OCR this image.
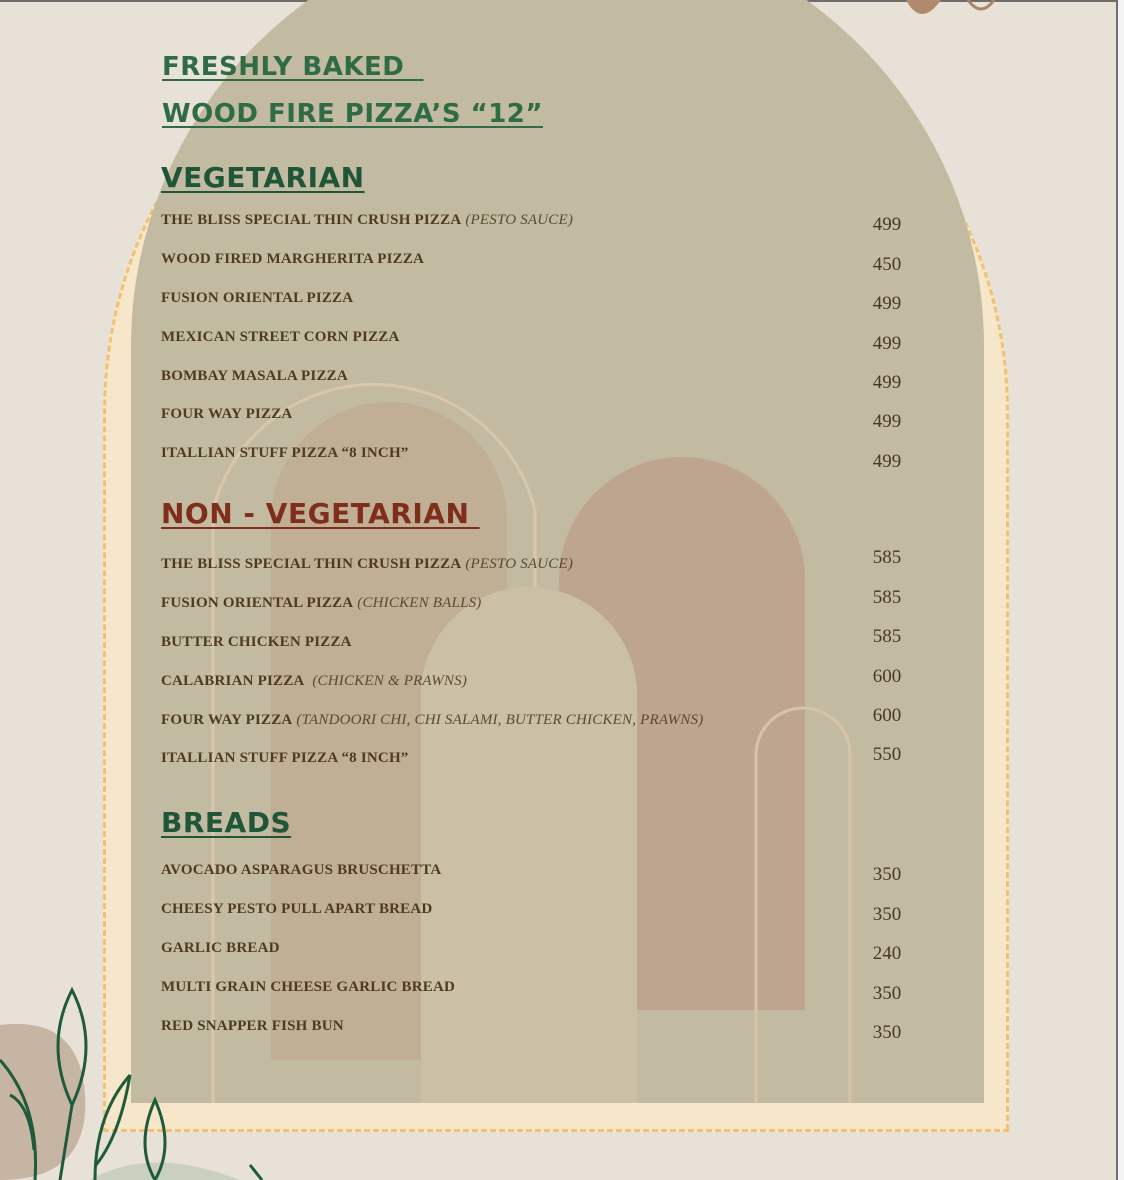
FRESHLY BAKED
WOOD FIRE PIZZA’S “12”
VEGETARIAN

THE BLISS SPECIAL THIN CRUSH PIZZA (PESTO SAUCE)	499

WOOD FIRED MARGHERITA PIZZA	450

FUSION ORIENTAL PIZZA	499

MEXICAN STREET CORN PIZZA	499

BOMBAY MASALA PIZZA	499

FOUR WAY PIZZA	499

ITALLIAN STUFF PIZZA “8 INCH”	499

NON - VEGETARIAN

THE BLISS SPECIAL THIN CRUSH PIZZA (PESTO SAUCE)	585

FUSION ORIENTAL PIZZA (CHICKEN BALLS)	585

BUTTER CHICKEN PIZZA	585

CALABRIAN PIZZA  (CHICKEN & PRAWNS)	600

FOUR WAY PIZZA (TANDOORI CHI, CHI SALAMI, BUTTER CHICKEN, PRAWNS)	600

ITALLIAN STUFF PIZZA “8 INCH”	550

BREADS

AVOCADO ASPARAGUS BRUSCHETTA	350

CHEESY PESTO PULL APART BREAD	350

GARLIC BREAD	240

MULTI GRAIN CHEESE GARLIC BREAD	350

RED SNAPPER FISH BUN	350
